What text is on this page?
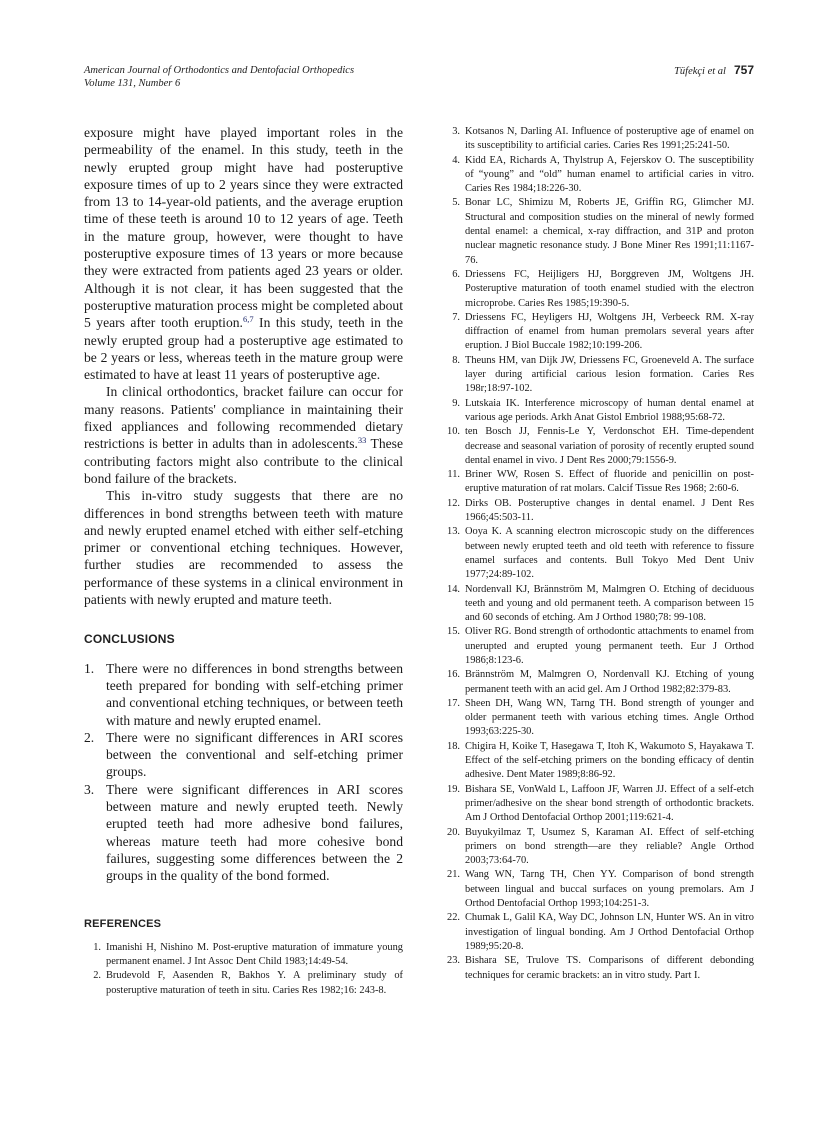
American Journal of Orthodontics and Dentofacial Orthopedics
Volume 131, Number 6
Tüfekçi et al 757

exposure might have played important roles in the permeability of the enamel. In this study, teeth in the newly erupted group might have had posteruptive exposure times of up to 2 years since they were extracted from 13 to 14-year-old patients, and the average eruption time of these teeth is around 10 to 12 years of age. Teeth in the mature group, however, were thought to have posteruptive exposure times of 13 years or more because they were extracted from patients aged 23 years or older. Although it is not clear, it has been suggested that the posteruptive maturation process might be completed about 5 years after tooth eruption.$^{6,7}$ In this study, teeth in the newly erupted group had a posteruptive age estimated to be 2 years or less, whereas teeth in the mature group were estimated to have at least 11 years of posteruptive age.

In clinical orthodontics, bracket failure can occur for many reasons. Patients' compliance in maintaining their fixed appliances and following recommended dietary restrictions is better in adults than in adolescents.$^{33}$ These contributing factors might also contribute to the clinical bond failure of the brackets.

This in-vitro study suggests that there are no differences in bond strengths between teeth with mature and newly erupted enamel etched with either self-etching primer or conventional etching techniques. However, further studies are recommended to assess the performance of these systems in a clinical environment in patients with newly erupted and mature teeth.

CONCLUSIONS
1. There were no differences in bond strengths between teeth prepared for bonding with self-etching primer and conventional etching techniques, or between teeth with mature and newly erupted enamel.
2. There were no significant differences in ARI scores between the conventional and self-etching primer groups.
3. There were significant differences in ARI scores between mature and newly erupted teeth. Newly erupted teeth had more adhesive bond failures, whereas mature teeth had more cohesive bond failures, suggesting some differences between the 2 groups in the quality of the bond formed.
REFERENCES
1. Imanishi H, Nishino M. Post-eruptive maturation of immature young permanent enamel. J Int Assoc Dent Child 1983;14:49-54.
2. Brudevold F, Aasenden R, Bakhos Y. A preliminary study of posteruptive maturation of teeth in situ. Caries Res 1982;16: 243-8.
3. Kotsanos N, Darling AI. Influence of posteruptive age of enamel on its susceptibility to artificial caries. Caries Res 1991;25:241-50.
4. Kidd EA, Richards A, Thylstrup A, Fejerskov O. The susceptibility of “young” and “old” human enamel to artificial caries in vitro. Caries Res 1984;18:226-30.
5. Bonar LC, Shimizu M, Roberts JE, Griffin RG, Glimcher MJ. Structural and composition studies on the mineral of newly formed dental enamel: a chemical, x-ray diffraction, and 31P and proton nuclear magnetic resonance study. J Bone Miner Res 1991;11:1167-76.
6. Driessens FC, Heijligers HJ, Borggreven JM, Woltgens JH. Posteruptive maturation of tooth enamel studied with the electron microprobe. Caries Res 1985;19:390-5.
7. Driessens FC, Heyligers HJ, Woltgens JH, Verbeeck RM. X-ray diffraction of enamel from human premolars several years after eruption. J Biol Buccale 1982;10:199-206.
8. Theuns HM, van Dijk JW, Driessens FC, Groeneveld A. The surface layer during artificial carious lesion formation. Caries Res 198r;18:97-102.
9. Lutskaia IK. Interference microscopy of human dental enamel at various age periods. Arkh Anat Gistol Embriol 1988;95:68-72.
10. ten Bosch JJ, Fennis-Le Y, Verdonschot EH. Time-dependent decrease and seasonal variation of porosity of recently erupted sound dental enamel in vivo. J Dent Res 2000;79:1556-9.
11. Briner WW, Rosen S. Effect of fluoride and penicillin on post-eruptive maturation of rat molars. Calcif Tissue Res 1968; 2:60-6.
12. Dirks OB. Posteruptive changes in dental enamel. J Dent Res 1966;45:503-11.
13. Ooya K. A scanning electron microscopic study on the differences between newly erupted teeth and old teeth with reference to fissure enamel surfaces and contents. Bull Tokyo Med Dent Univ 1977;24:89-102.
14. Nordenvall KJ, Brännström M, Malmgren O. Etching of deciduous teeth and young and old permanent teeth. A comparison between 15 and 60 seconds of etching. Am J Orthod 1980;78: 99-108.
15. Oliver RG. Bond strength of orthodontic attachments to enamel from unerupted and erupted young permanent teeth. Eur J Orthod 1986;8:123-6.
16. Brännström M, Malmgren O, Nordenvall KJ. Etching of young permanent teeth with an acid gel. Am J Orthod 1982;82:379-83.
17. Sheen DH, Wang WN, Tarng TH. Bond strength of younger and older permanent teeth with various etching times. Angle Orthod 1993;63:225-30.
18. Chigira H, Koike T, Hasegawa T, Itoh K, Wakumoto S, Hayakawa T. Effect of the self-etching primers on the bonding efficacy of dentin adhesive. Dent Mater 1989;8:86-92.
19. Bishara SE, VonWald L, Laffoon JF, Warren JJ. Effect of a self-etch primer/adhesive on the shear bond strength of orthodontic brackets. Am J Orthod Dentofacial Orthop 2001;119:621-4.
20. Buyukyilmaz T, Usumez S, Karaman AI. Effect of self-etching primers on bond strength—are they reliable? Angle Orthod 2003;73:64-70.
21. Wang WN, Tarng TH, Chen YY. Comparison of bond strength between lingual and buccal surfaces on young premolars. Am J Orthod Dentofacial Orthop 1993;104:251-3.
22. Chumak L, Galil KA, Way DC, Johnson LN, Hunter WS. An in vitro investigation of lingual bonding. Am J Orthod Dentofacial Orthop 1989;95:20-8.
23. Bishara SE, Trulove TS. Comparisons of different debonding techniques for ceramic brackets: an in vitro study. Part I.
